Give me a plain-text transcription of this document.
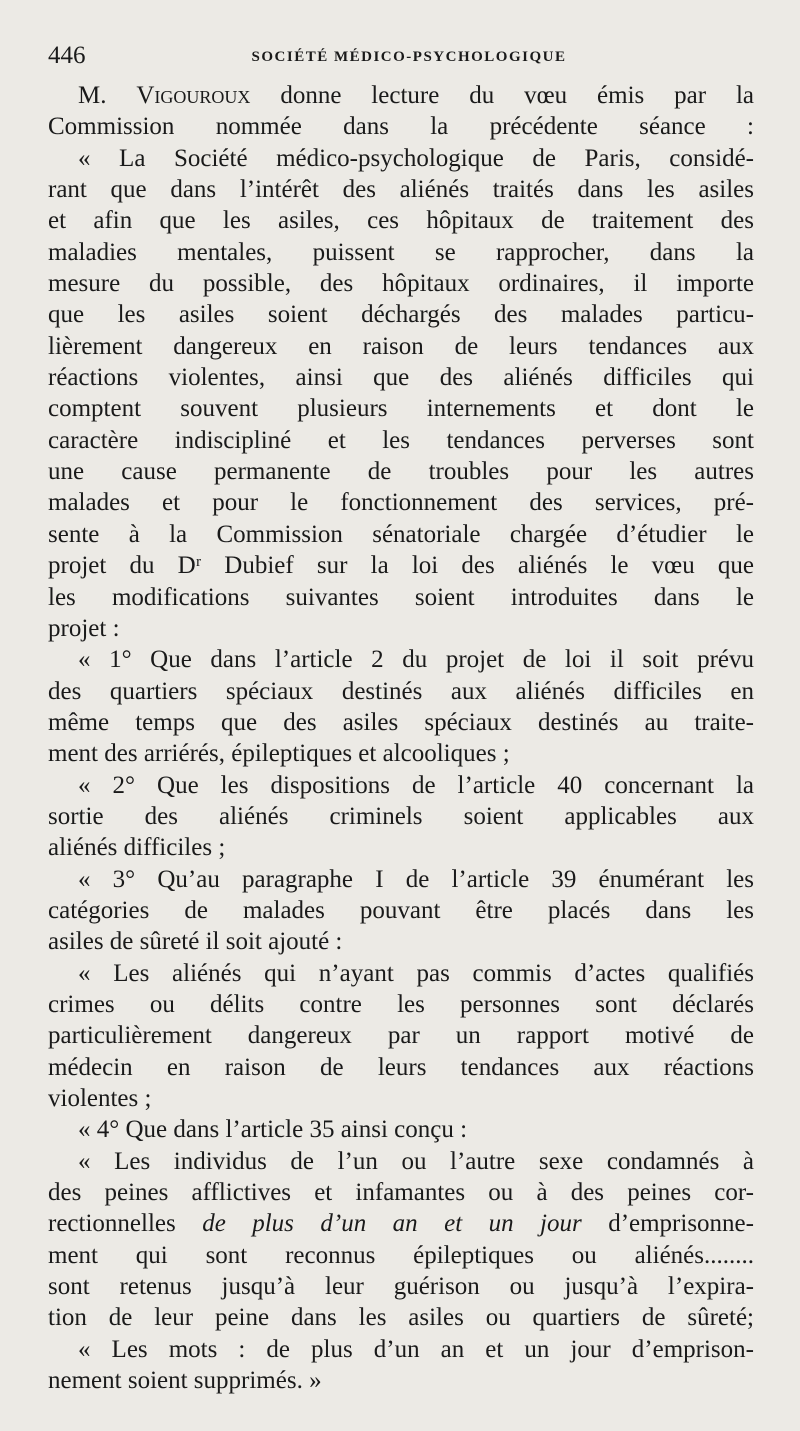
446	SOCIÉTÉ MÉDICO-PSYCHOLOGIQUE
M. Vigouroux donne lecture du vœu émis par la
Commission nommée dans la précédente séance :
« La Société médico-psychologique de Paris, considé-
rant que dans l’intérêt des aliénés traités dans les asiles
et afin que les asiles, ces hôpitaux de traitement des
maladies mentales, puissent se rapprocher, dans la
mesure du possible, des hôpitaux ordinaires, il importe
que les asiles soient déchargés des malades particu-
lièrement dangereux en raison de leurs tendances aux
réactions violentes, ainsi que des aliénés difficiles qui
comptent souvent plusieurs internements et dont le
caractère indiscipliné et les tendances perverses sont
une cause permanente de troubles pour les autres
malades et pour le fonctionnement des services, pré-
sente à la Commission sénatoriale chargée d’étudier le
projet du Dʳ Dubief sur la loi des aliénés le vœu que
les modifications suivantes soient introduites dans le
projet :
« 1° Que dans l’article 2 du projet de loi il soit prévu
des quartiers spéciaux destinés aux aliénés difficiles en
même temps que des asiles spéciaux destinés au traite-
ment des arriérés, épileptiques et alcooliques ;
« 2° Que les dispositions de l’article 40 concernant la
sortie des aliénés criminels soient applicables aux
aliénés difficiles ;
« 3° Qu’au paragraphe I de l’article 39 énumérant les
catégories de malades pouvant être placés dans les
asiles de sûreté il soit ajouté :
« Les aliénés qui n’ayant pas commis d’actes qualifiés
crimes ou délits contre les personnes sont déclarés
particulièrement dangereux par un rapport motivé de
médecin en raison de leurs tendances aux réactions
violentes ;
« 4° Que dans l’article 35 ainsi conçu :
« Les individus de l’un ou l’autre sexe condamnés à
des peines afflictives et infamantes ou à des peines cor-
rectionnelles de plus d’un an et un jour d’emprisonne-
ment qui sont reconnus épileptiques ou aliénés........
sont retenus jusqu’à leur guérison ou jusqu’à l’expira-
tion de leur peine dans les asiles ou quartiers de sûreté;
« Les mots : de plus d’un an et un jour d’emprison-
nement soient supprimés. »
